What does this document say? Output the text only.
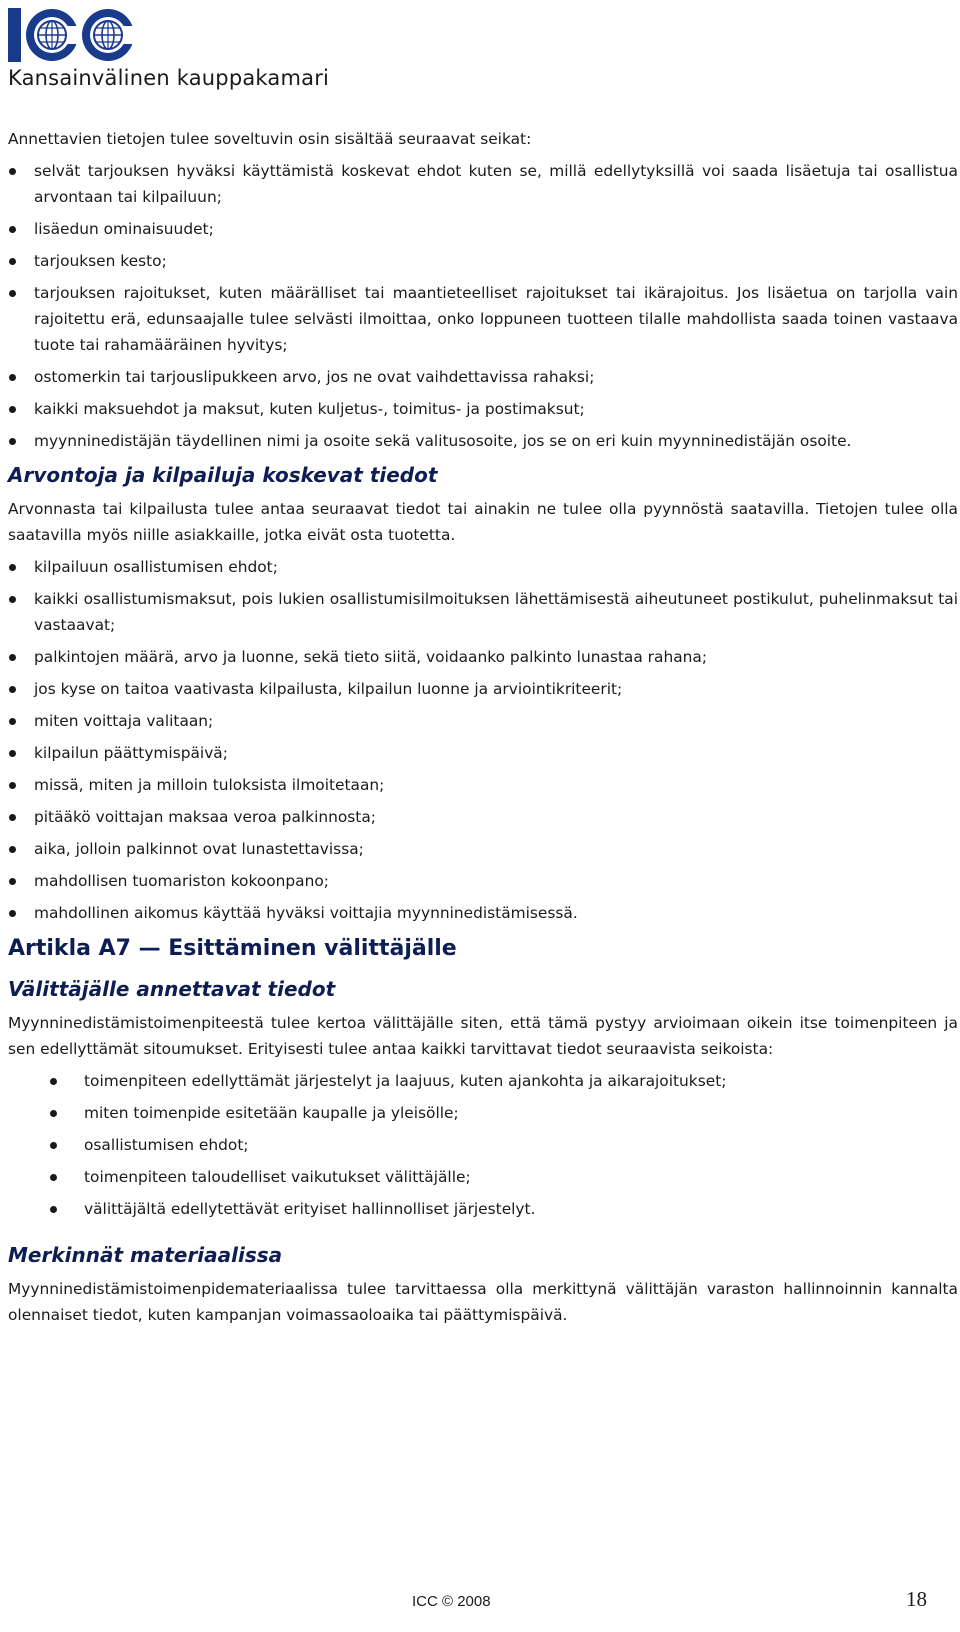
Kansainvälinen kauppakamari

Annettavien tietojen tulee soveltuvin osin sisältää seuraavat seikat:

selvät tarjouksen hyväksi käyttämistä koskevat ehdot kuten se, millä edellytyksillä voi saada lisäetuja tai osallistua arvontaan tai kilpailuun;
lisäedun ominaisuudet;
tarjouksen kesto;
tarjouksen rajoitukset, kuten määrälliset tai maantieteelliset rajoitukset tai ikärajoitus. Jos lisäetua on tarjolla vain rajoitettu erä, edunsaajalle tulee selvästi ilmoittaa, onko loppuneen tuotteen tilalle mahdollista saada toinen vastaava tuote tai rahamääräinen hyvitys;
ostomerkin tai tarjouslipukkeen arvo, jos ne ovat vaihdettavissa rahaksi;
kaikki maksuehdot ja maksut, kuten kuljetus-, toimitus- ja postimaksut;
myynninedistäjän täydellinen nimi ja osoite sekä valitusosoite, jos se on eri kuin myynninedistäjän osoite.
Arvontoja ja kilpailuja koskevat tiedot

Arvonnasta tai kilpailusta tulee antaa seuraavat tiedot tai ainakin ne tulee olla pyynnöstä saatavilla. Tietojen tulee olla saatavilla myös niille asiakkaille, jotka eivät osta tuotetta.

kilpailuun osallistumisen ehdot;
kaikki osallistumismaksut, pois lukien osallistumisilmoituksen lähettämisestä aiheutuneet postikulut, puhelinmaksut tai vastaavat;
palkintojen määrä, arvo ja luonne, sekä tieto siitä, voidaanko palkinto lunastaa rahana;
jos kyse on taitoa vaativasta kilpailusta, kilpailun luonne ja arviointikriteerit;
miten voittaja valitaan;
kilpailun päättymispäivä;
missä, miten ja milloin tuloksista ilmoitetaan;
pitääkö voittajan maksaa veroa palkinnosta;
aika, jolloin palkinnot ovat lunastettavissa;
mahdollisen tuomariston kokoonpano;
mahdollinen aikomus käyttää hyväksi voittajia myynninedistämisessä.
Artikla A7 — Esittäminen välittäjälle
Välittäjälle annettavat tiedot

Myynninedistämistoimenpiteestä tulee kertoa välittäjälle siten, että tämä pystyy arvioimaan oikein itse toimenpiteen ja sen edellyttämät sitoumukset. Erityisesti tulee antaa kaikki tarvittavat tiedot seuraavista seikoista:

toimenpiteen edellyttämät järjestelyt ja laajuus, kuten ajankohta ja aikarajoitukset;
miten toimenpide esitetään kaupalle ja yleisölle;
osallistumisen ehdot;
toimenpiteen taloudelliset vaikutukset välittäjälle;
välittäjältä edellytettävät erityiset hallinnolliset järjestelyt.
Merkinnät materiaalissa

Myynninedistämistoimenpidemateriaalissa tulee tarvittaessa olla merkittynä välittäjän varaston hallinnoinnin kannalta olennaiset tiedot, kuten kampanjan voimassaoloaika tai päättymispäivä.

ICC © 2008	18
